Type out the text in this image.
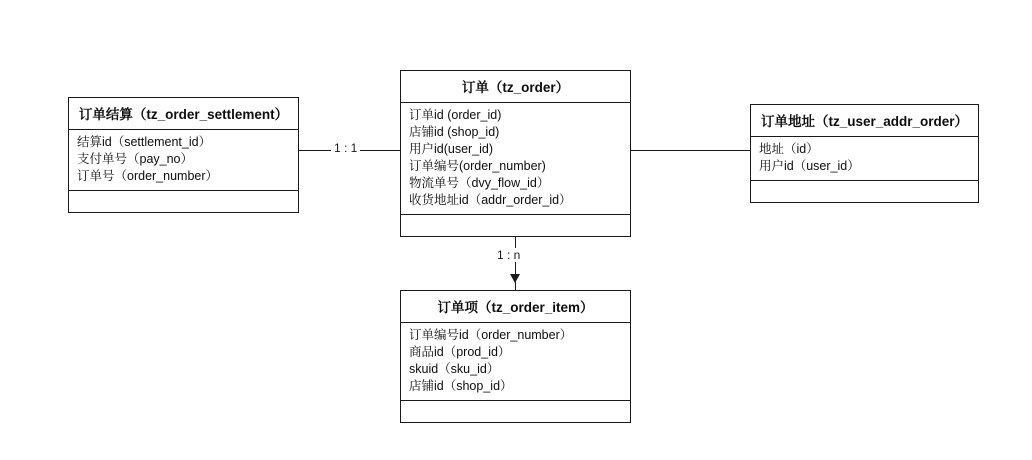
1 : 1
1 : n
订单结算（tz_order_settlement）
结算id（settlement_id）
支付单号（pay_no）
订单号（order_number）
订单（tz_order）
订单id (order_id)
店铺id (shop_id)
用户id(user_id)
订单编号(order_number)
物流单号（dvy_flow_id）
收货地址id（addr_order_id）
订单地址（tz_user_addr_order）
地址（id）
用户id（user_id）
订单项（tz_order_item）
订单编号id（order_number）
商品id（prod_id）
skuid（sku_id）
店铺id（shop_id）
